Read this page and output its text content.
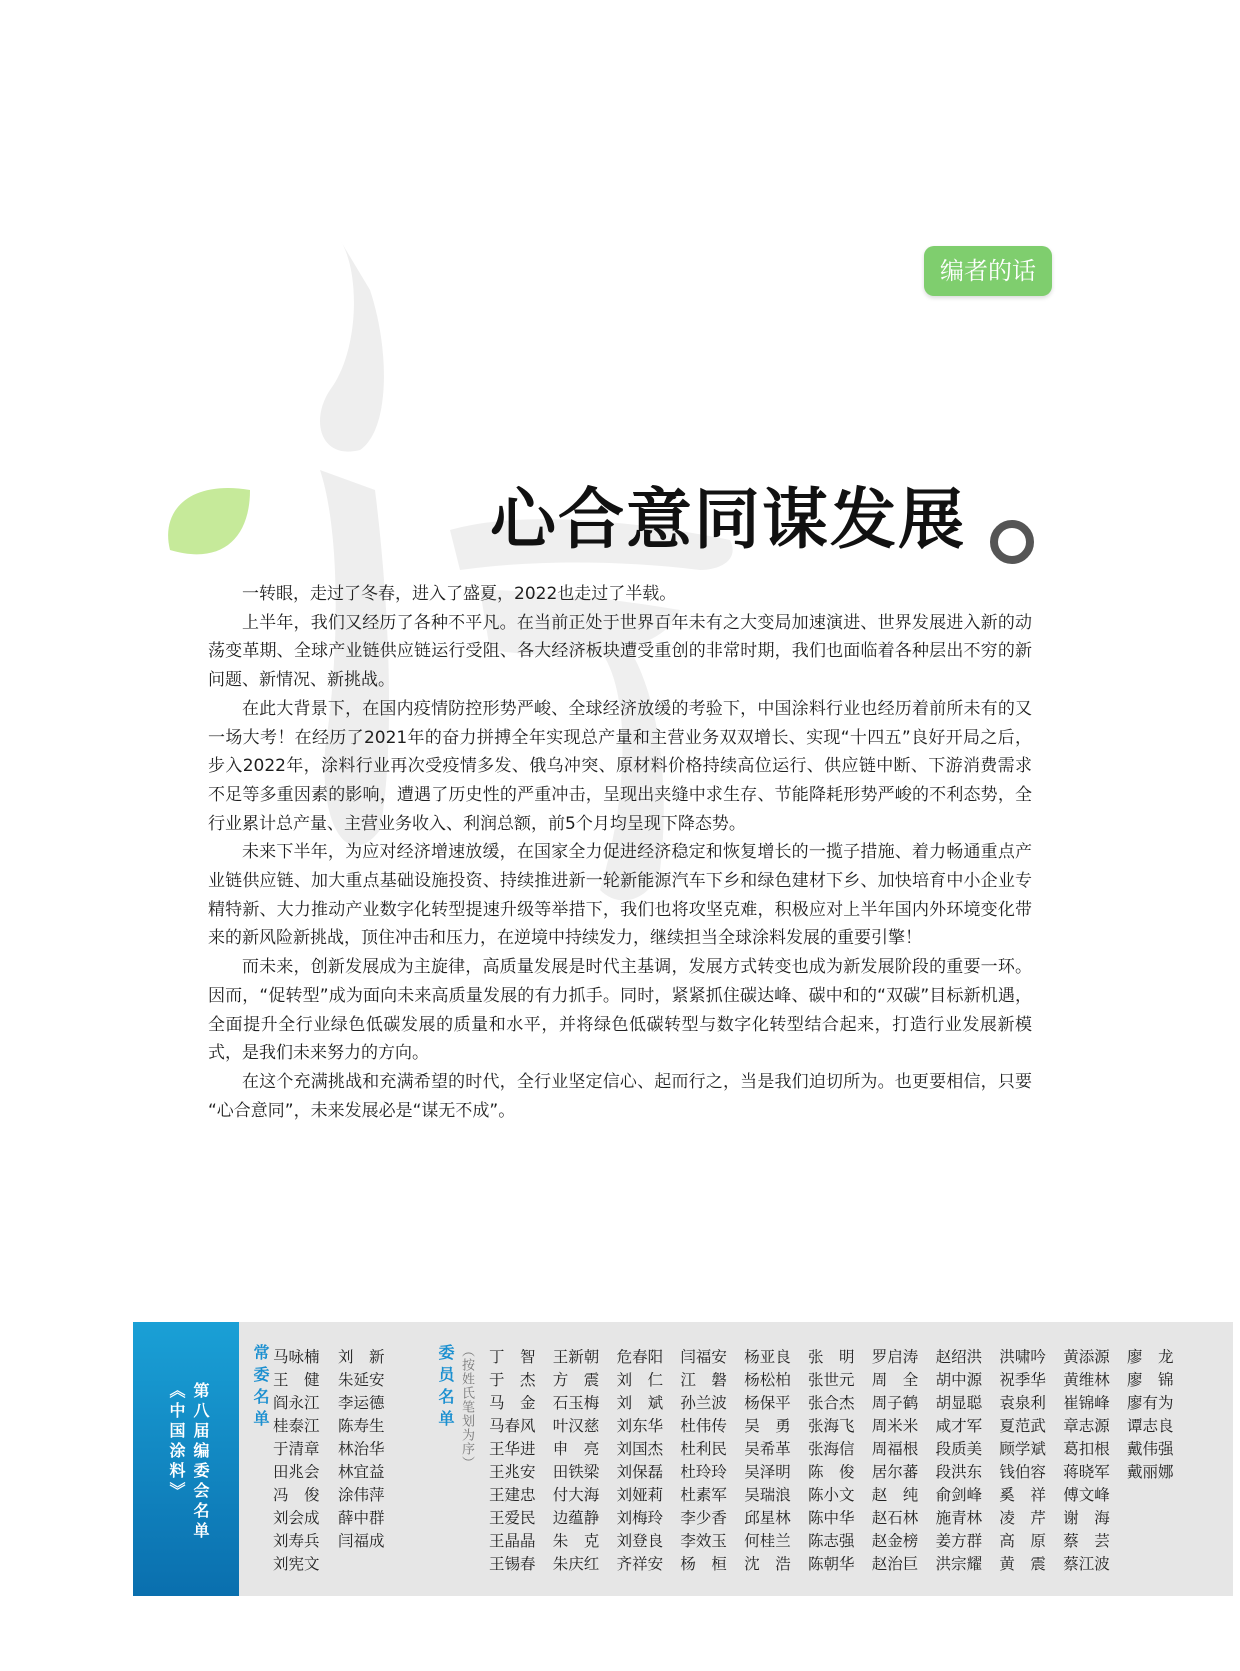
编者的话
心合意同谋发展

一转眼，走过了冬春，进入了盛夏，2022也走过了半载。

上半年，我们又经历了各种不平凡。在当前正处于世界百年未有之大变局加速演进、世界发展进入新的动荡变革期、全球产业链供应链运行受阻、各大经济板块遭受重创的非常时期，我们也面临着各种层出不穷的新问题、新情况、新挑战。

在此大背景下，在国内疫情防控形势严峻、全球经济放缓的考验下，中国涂料行业也经历着前所未有的又一场大考！在经历了2021年的奋力拼搏全年实现总产量和主营业务双双增长、实现“十四五”良好开局之后，步入2022年，涂料行业再次受疫情多发、俄乌冲突、原材料价格持续高位运行、供应链中断、下游消费需求不足等多重因素的影响，遭遇了历史性的严重冲击，呈现出夹缝中求生存、节能降耗形势严峻的不利态势，全行业累计总产量、主营业务收入、利润总额，前5个月均呈现下降态势。

未来下半年，为应对经济增速放缓，在国家全力促进经济稳定和恢复增长的一揽子措施、着力畅通重点产业链供应链、加大重点基础设施投资、持续推进新一轮新能源汽车下乡和绿色建材下乡、加快培育中小企业专精特新、大力推动产业数字化转型提速升级等举措下，我们也将攻坚克难，积极应对上半年国内外环境变化带来的新风险新挑战，顶住冲击和压力，在逆境中持续发力，继续担当全球涂料发展的重要引擎！

而未来，创新发展成为主旋律，高质量发展是时代主基调，发展方式转变也成为新发展阶段的重要一环。因而，“促转型”成为面向未来高质量发展的有力抓手。同时，紧紧抓住碳达峰、碳中和的“双碳”目标新机遇，全面提升全行业绿色低碳发展的质量和水平，并将绿色低碳转型与数字化转型结合起来，打造行业发展新模式，是我们未来努力的方向。

在这个充满挑战和充满希望的时代，全行业坚定信心、起而行之，当是我们迫切所为。也更要相信，只要 “心合意同”，未来发展必是“谋无不成”。

第八届编委会名单
《中国涂料》	常委名单 马咏楠
王　健
阎永江
桂泰江
于清章
田兆会
冯　俊
刘会成
刘寿兵
刘宪文
刘　新
朱延安
李运德
陈寿生
林治华
林宜益
涂伟萍
薛中群
闫福成
委员名单 （按姓氏笔划为序） 丁　智
于　杰
马　金
马春风
王华进
王兆安
王建忠
王爱民
王晶晶
王锡春
王新朝
方　震
石玉梅
叶汉慈
申　亮
田铁梁
付大海
边蕴静
朱　克
朱庆红
危春阳
刘　仁
刘　斌
刘东华
刘国杰
刘保磊
刘娅莉
刘梅玲
刘登良
齐祥安
闫福安
江　磐
孙兰波
杜伟传
杜利民
杜玲玲
杜素军
李少香
李效玉
杨　桓
杨亚良
杨松柏
杨保平
吴　勇
吴希革
吴泽明
吴瑞浪
邱星林
何桂兰
沈　浩
张　明
张世元
张合杰
张海飞
张海信
陈　俊
陈小文
陈中华
陈志强
陈朝华
罗启涛
周　全
周子鹤
周米米
周福根
居尔蕃
赵　纯
赵石林
赵金榜
赵治巨
赵绍洪
胡中源
胡显聪
咸才军
段质美
段洪东
俞剑峰
施青林
姜方群
洪宗耀
洪啸吟
祝季华
袁泉利
夏范武
顾学斌
钱伯容
奚　祥
凌　芹
高　原
黄　震
黄添源
黄维林
崔锦峰
章志源
葛扣根
蒋晓军
傅文峰
谢　海
蔡　芸
蔡江波
廖　龙
廖　锦
廖有为
谭志良
戴伟强
戴丽娜
